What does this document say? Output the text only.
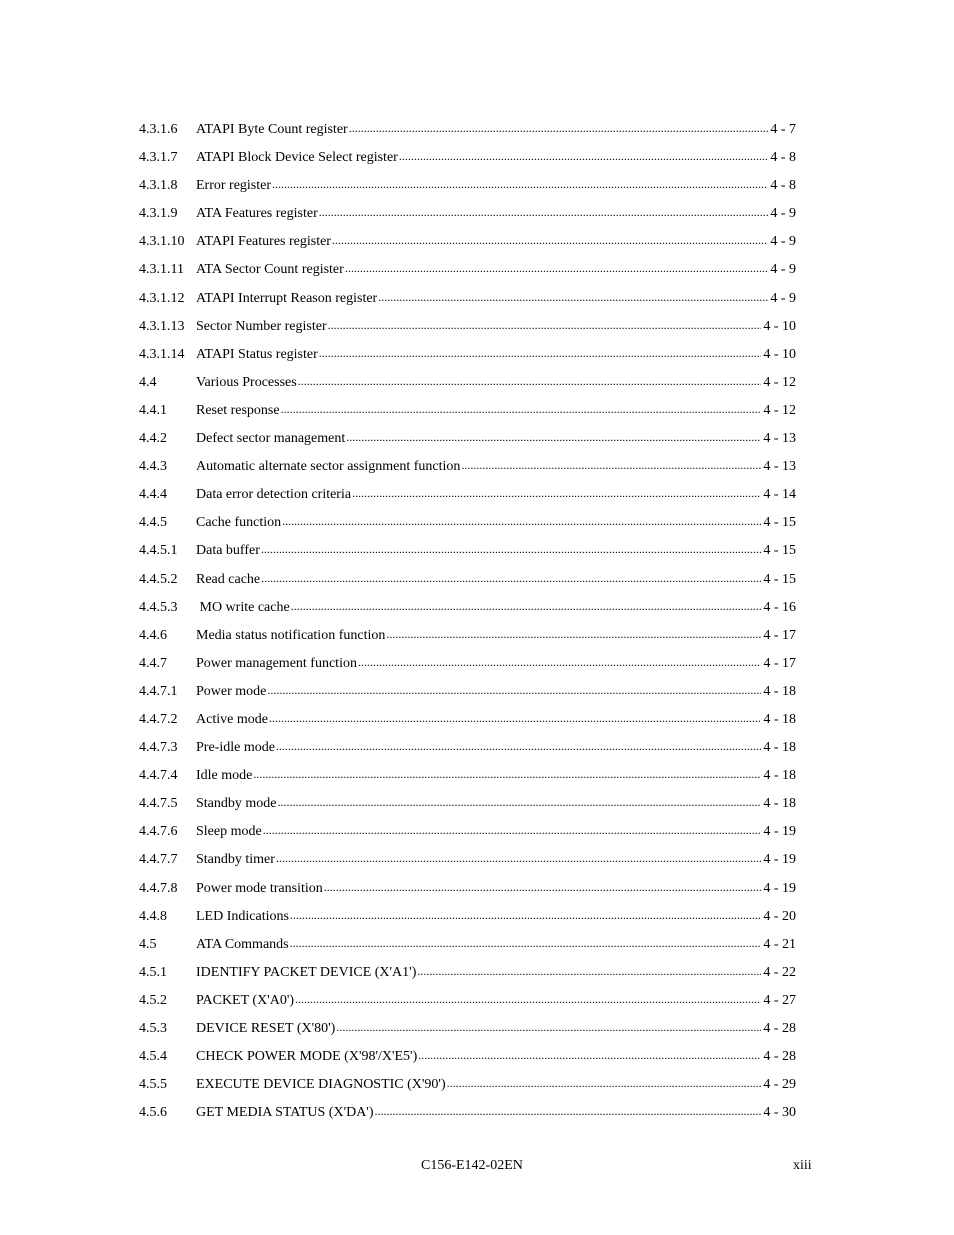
4.3.1.6	ATAPI Byte Count register .....	4 - 7
4.3.1.7	ATAPI Block Device Select register .....	4 - 8
4.3.1.8	Error register .....	4 - 8
4.3.1.9	ATA Features register .....	4 - 9
4.3.1.10 ATAPI Features register .....	4 - 9
4.3.1.11 ATA Sector Count register .....	4 - 9
4.3.1.12 ATAPI Interrupt Reason register .....	4 - 9
4.3.1.13 Sector Number register .....	4 - 10
4.3.1.14 ATAPI Status register .....	4 - 10
4.4	Various Processes .....	4 - 12
4.4.1	Reset response .....	4 - 12
4.4.2	Defect sector management .....	4 - 13
4.4.3	Automatic alternate sector assignment function .....	4 - 13
4.4.4	Data error detection criteria .....	4 - 14
4.4.5	Cache function .....	4 - 15
4.4.5.1	Data buffer .....	4 - 15
4.4.5.2	Read cache .....	4 - 15
4.4.5.3	MO write cache .....	4 - 16
4.4.6	Media status notification function .....	4 - 17
4.4.7	Power management function .....	4 - 17
4.4.7.1	Power mode .....	4 - 18
4.4.7.2	Active mode .....	4 - 18
4.4.7.3	Pre-idle mode .....	4 - 18
4.4.7.4	Idle mode .....	4 - 18
4.4.7.5	Standby mode .....	4 - 18
4.4.7.6	Sleep mode .....	4 - 19
4.4.7.7	Standby timer .....	4 - 19
4.4.7.8	Power mode transition .....	4 - 19
4.4.8	LED Indications .....	4 - 20
4.5	ATA Commands .....	4 - 21
4.5.1	IDENTIFY PACKET DEVICE (X'A1') .....	4 - 22
4.5.2	PACKET (X'A0') .....	4 - 27
4.5.3	DEVICE RESET (X'80') .....	4 - 28
4.5.4	CHECK POWER MODE (X'98'/X'E5') .....	4 - 28
4.5.5	EXECUTE DEVICE DIAGNOSTIC (X'90') .....	4 - 29
4.5.6	GET MEDIA STATUS (X'DA') .....	4 - 30
C156-E142-02EN	xiii
